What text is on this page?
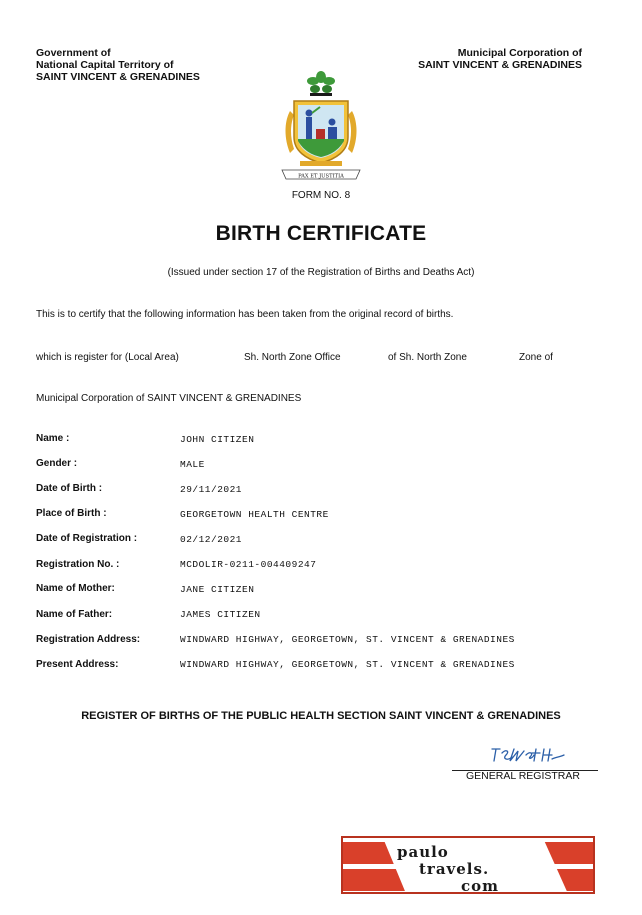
Government of
National Capital Territory of
SAINT VINCENT & GRENADINES
Municipal Corporation of
SAINT VINCENT & GRENADINES
PAX ET JUSTITIA
FORM NO. 8
BIRTH CERTIFICATE
(Issued under section 17 of the Registration of Births and Deaths Act)
This is to certify that the following information has been taken from the original record of births.
which is register for (Local Area)	Sh. North Zone Office	of Sh. North Zone	Zone of
Municipal Corporation of SAINT VINCENT & GRENADINES
Name :	JOHN CITIZEN
Gender :	MALE
Date of Birth :	29/11/2021
Place of Birth :	GEORGETOWN HEALTH CENTRE
Date of Registration :	02/12/2021
Registration No. :	MCDOLIR-0211-004409247
Name of Mother:	JANE CITIZEN
Name of Father:	JAMES CITIZEN
Registration Address:	WINDWARD HIGHWAY, GEORGETOWN, ST. VINCENT & GRENADINES
Present Address:	WINDWARD HIGHWAY, GEORGETOWN, ST. VINCENT & GRENADINES
REGISTER OF BIRTHS OF THE PUBLIC HEALTH SECTION SAINT VINCENT & GRENADINES
GENERAL REGISTRAR
paulo
travels.
com
